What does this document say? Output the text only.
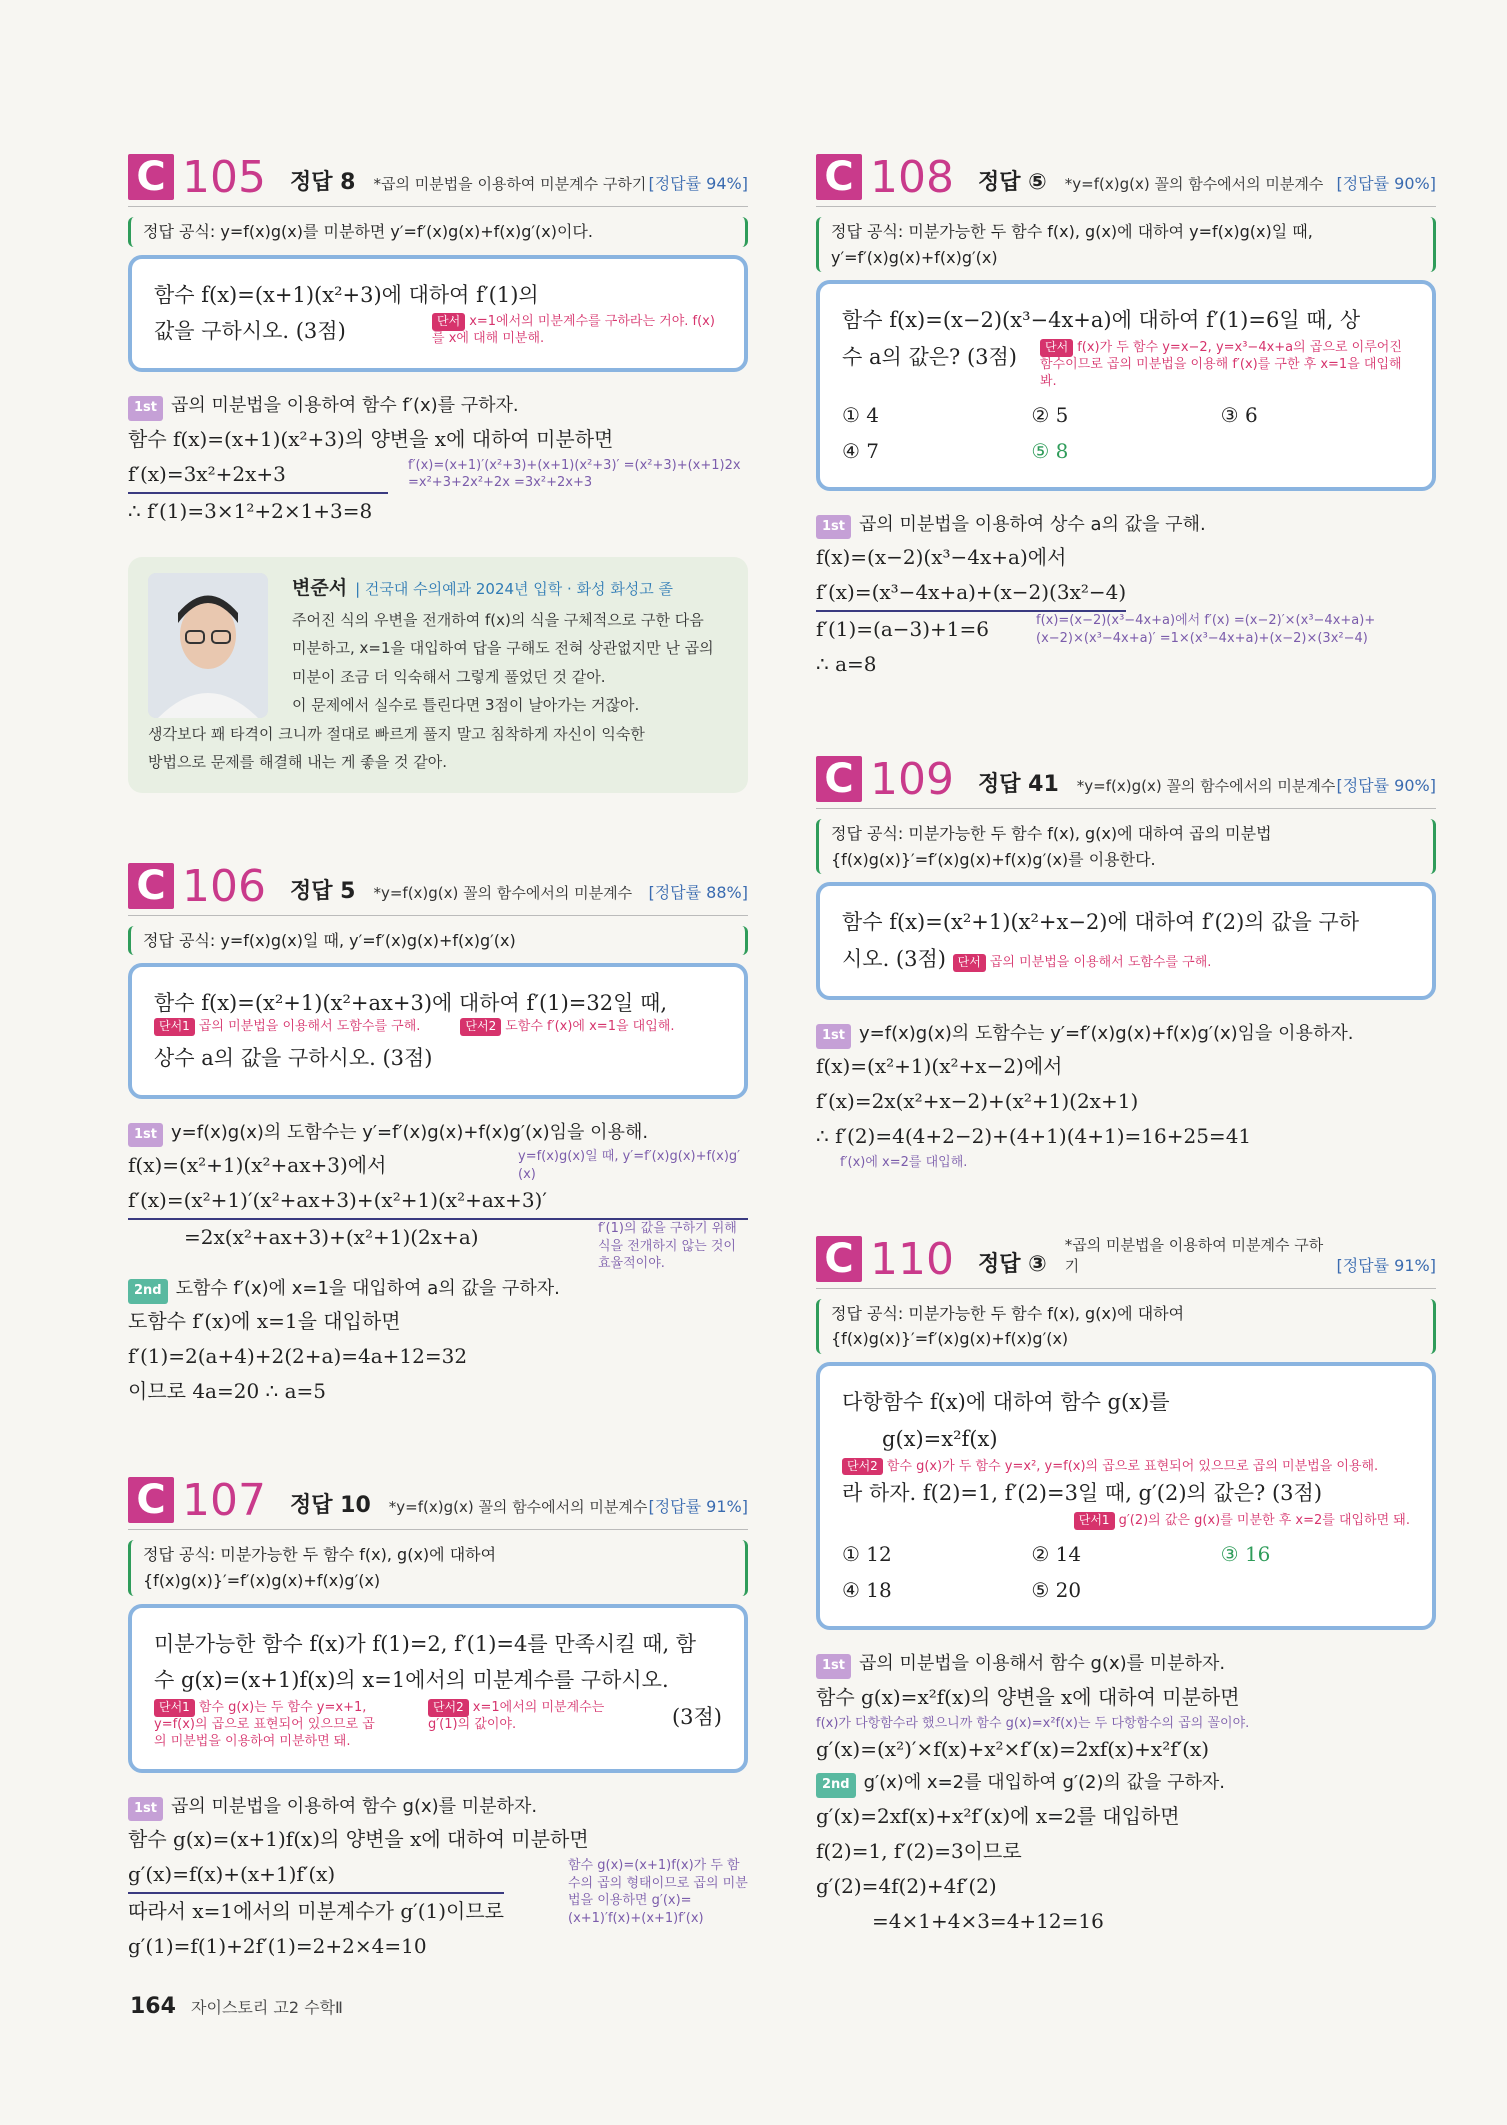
C 105 정답 8 *곱의 미분법을 이용하여 미분계수 구하기 [정답률 94%]
정답 공식: y=f(x)g(x)를 미분하면 y′=f′(x)g(x)+f(x)g′(x)이다.
함수 f(x)=(x+1)(x²+3)에 대하여 f′(1)의
값을 구하시오. (3점)	단서 x=1에서의 미분계수를 구하라는 거야. f(x)를 x에 대해 미분해.
1st 곱의 미분법을 이용하여 함수 f′(x)를 구하자.
함수 f(x)=(x+1)(x²+3)의 양변을 x에 대하여 미분하면
f′(x)=3x²+2x+3
∴ f′(1)=3×1²+2×1+3=8
f′(x)=(x+1)′(x²+3)+(x+1)(x²+3)′ =(x²+3)+(x+1)2x =x²+3+2x²+2x =3x²+2x+3
변준서 | 건국대 수의예과 2024년 입학 · 화성 화성고 졸
주어진 식의 우변을 전개하여 f(x)의 식을 구체적으로 구한 다음
미분하고, x=1을 대입하여 답을 구해도 전혀 상관없지만 난 곱의
미분이 조금 더 익숙해서 그렇게 풀었던 것 같아.
이 문제에서 실수로 틀린다면 3점이 날아가는 거잖아.
생각보다 꽤 타격이 크니까 절대로 빠르게 풀지 말고 침착하게 자신이 익숙한
방법으로 문제를 해결해 내는 게 좋을 것 같아.
C 106 정답 5 *y=f(x)g(x) 꼴의 함수에서의 미분계수	[정답률 88%]
정답 공식: y=f(x)g(x)일 때, y′=f′(x)g(x)+f(x)g′(x)
함수 f(x)=(x²+1)(x²+ax+3)에 대하여 f′(1)=32일 때,
단서1 곱의 미분법을 이용해서 도함수를 구해.	단서2 도함수 f′(x)에 x=1을 대입해.
상수 a의 값을 구하시오. (3점)
1st y=f(x)g(x)의 도함수는 y′=f′(x)g(x)+f(x)g′(x)임을 이용해.
f(x)=(x²+1)(x²+ax+3)에서	y=f(x)g(x)일 때, y′=f′(x)g(x)+f(x)g′(x)
f′(x)=(x²+1)′(x²+ax+3)+(x²+1)(x²+ax+3)′
=2x(x²+ax+3)+(x²+1)(2x+a)	f′(1)의 값을 구하기 위해 식을 전개하지 않는 것이 효율적이야.
2nd 도함수 f′(x)에 x=1을 대입하여 a의 값을 구하자.
도함수 f′(x)에 x=1을 대입하면
f′(1)=2(a+4)+2(2+a)=4a+12=32
이므로 4a=20 ∴ a=5
C 107 정답 10 *y=f(x)g(x) 꼴의 함수에서의 미분계수 [정답률 91%]
정답 공식: 미분가능한 두 함수 f(x), g(x)에 대하여
{f(x)g(x)}′=f′(x)g(x)+f(x)g′(x)
미분가능한 함수 f(x)가 f(1)=2, f′(1)=4를 만족시킬 때, 함
수 g(x)=(x+1)f(x)의 x=1에서의 미분계수를 구하시오.
단서1 함수 g(x)는 두 함수 y=x+1, y=f(x)의 곱으로 표현되어 있으므로 곱의 미분법을 이용하여 미분하면 돼.
단서2 x=1에서의 미분계수는 g′(1)의 값이야.	(3점)
1st 곱의 미분법을 이용하여 함수 g(x)를 미분하자.
함수 g(x)=(x+1)f(x)의 양변을 x에 대하여 미분하면
g′(x)=f(x)+(x+1)f′(x)
따라서 x=1에서의 미분계수가 g′(1)이므로
g′(1)=f(1)+2f′(1)=2+2×4=10
함수 g(x)=(x+1)f(x)가 두 함수의 곱의 형태이므로 곱의 미분법을 이용하면 g′(x)=(x+1)′f(x)+(x+1)f′(x)
C 108 정답 ⑤ *y=f(x)g(x) 꼴의 함수에서의 미분계수 [정답률 90%]
정답 공식: 미분가능한 두 함수 f(x), g(x)에 대하여 y=f(x)g(x)일 때,
y′=f′(x)g(x)+f(x)g′(x)
함수 f(x)=(x−2)(x³−4x+a)에 대하여 f′(1)=6일 때, 상
수 a의 값은? (3점)	단서 f(x)가 두 함수 y=x−2, y=x³−4x+a의 곱으로 이루어진 함수이므로 곱의 미분법을 이용해 f′(x)를 구한 후 x=1을 대입해 봐.
① 4	② 5	③ 6
④ 7	⑤ 8
1st 곱의 미분법을 이용하여 상수 a의 값을 구해.
f(x)=(x−2)(x³−4x+a)에서
f′(x)=(x³−4x+a)+(x−2)(3x²−4)
f′(1)=(a−3)+1=6
∴ a=8
f(x)=(x−2)(x³−4x+a)에서 f′(x) =(x−2)′×(x³−4x+a)+(x−2)×(x³−4x+a)′ =1×(x³−4x+a)+(x−2)×(3x²−4)
C 109 정답 41 *y=f(x)g(x) 꼴의 함수에서의 미분계수 [정답률 90%]
정답 공식: 미분가능한 두 함수 f(x), g(x)에 대하여 곱의 미분법
{f(x)g(x)}′=f′(x)g(x)+f(x)g′(x)를 이용한다.
함수 f(x)=(x²+1)(x²+x−2)에 대하여 f′(2)의 값을 구하
시오. (3점) 단서 곱의 미분법을 이용해서 도함수를 구해.
1st y=f(x)g(x)의 도함수는 y′=f′(x)g(x)+f(x)g′(x)임을 이용하자.
f(x)=(x²+1)(x²+x−2)에서
f′(x)=2x(x²+x−2)+(x²+1)(2x+1)
∴ f′(2)=4(4+2−2)+(4+1)(4+1)=16+25=41
f′(x)에 x=2를 대입해.
C 110 정답 ③
*곱의 미분법을 이용하여 미분계수 구하기	[정답률 91%]
정답 공식: 미분가능한 두 함수 f(x), g(x)에 대하여
{f(x)g(x)}′=f′(x)g(x)+f(x)g′(x)
다항함수 f(x)에 대하여 함수 g(x)를
g(x)=x²f(x)
단서2 함수 g(x)가 두 함수 y=x², y=f(x)의 곱으로 표현되어 있으므로 곱의 미분법을 이용해.
라 하자. f(2)=1, f′(2)=3일 때, g′(2)의 값은? (3점)
단서1 g′(2)의 값은 g(x)를 미분한 후 x=2를 대입하면 돼.
① 12	② 14	③ 16
④ 18	⑤ 20
1st 곱의 미분법을 이용해서 함수 g(x)를 미분하자.
함수 g(x)=x²f(x)의 양변을 x에 대하여 미분하면
f(x)가 다항함수라 했으니까 함수 g(x)=x²f(x)는 두 다항함수의 곱의 꼴이야.
g′(x)=(x²)′×f(x)+x²×f′(x)=2xf(x)+x²f′(x)
2nd g′(x)에 x=2를 대입하여 g′(2)의 값을 구하자.
g′(x)=2xf(x)+x²f′(x)에 x=2를 대입하면
f(2)=1, f′(2)=3이므로
g′(2)=4f(2)+4f′(2)
=4×1+4×3=4+12=16
164 자이스토리 고2 수학Ⅱ
